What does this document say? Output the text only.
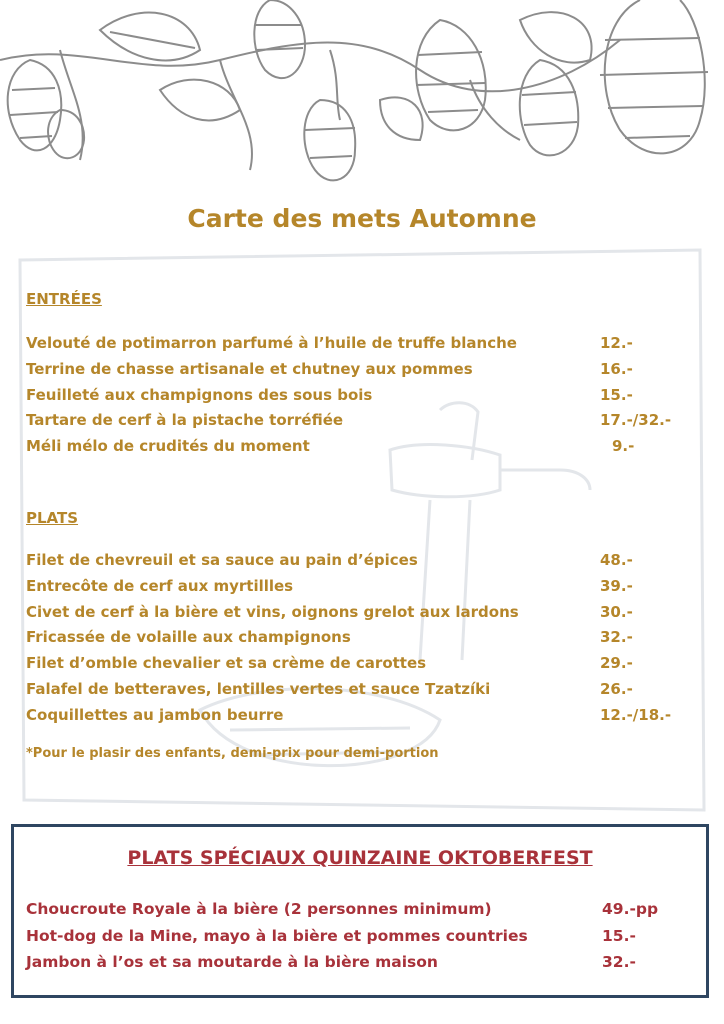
Carte des mets Automne
ENTRÉES
Velouté de potimarron parfumé à l’huile de truffe blanche	12.-
Terrine de chasse artisanale et chutney aux pommes	16.-
Feuilleté aux champignons des sous bois	15.-
Tartare de cerf à la pistache torréfiée	17.-/32.-
Méli mélo de crudités du moment	9.-
PLATS
Filet de chevreuil et sa sauce au pain d’épices	48.-
Entrecôte de cerf aux myrtillles	39.-
Civet de cerf à la bière et vins, oignons grelot aux lardons	30.-
Fricassée de volaille aux champignons	32.-
Filet d’omble chevalier et sa crème de carottes	29.-
Falafel de betteraves, lentilles vertes et sauce Tzatzíki	26.-
Coquillettes au jambon beurre	12.-/18.-
*Pour le plasir des enfants, demi-prix pour demi-portion
PLATS SPÉCIAUX QUINZAINE OKTOBERFEST
Choucroute Royale à la bière (2 personnes minimum)	49.-pp
Hot-dog de la Mine, mayo à la bière et pommes countries	15.-
Jambon à l’os et sa moutarde à la bière maison	32.-
